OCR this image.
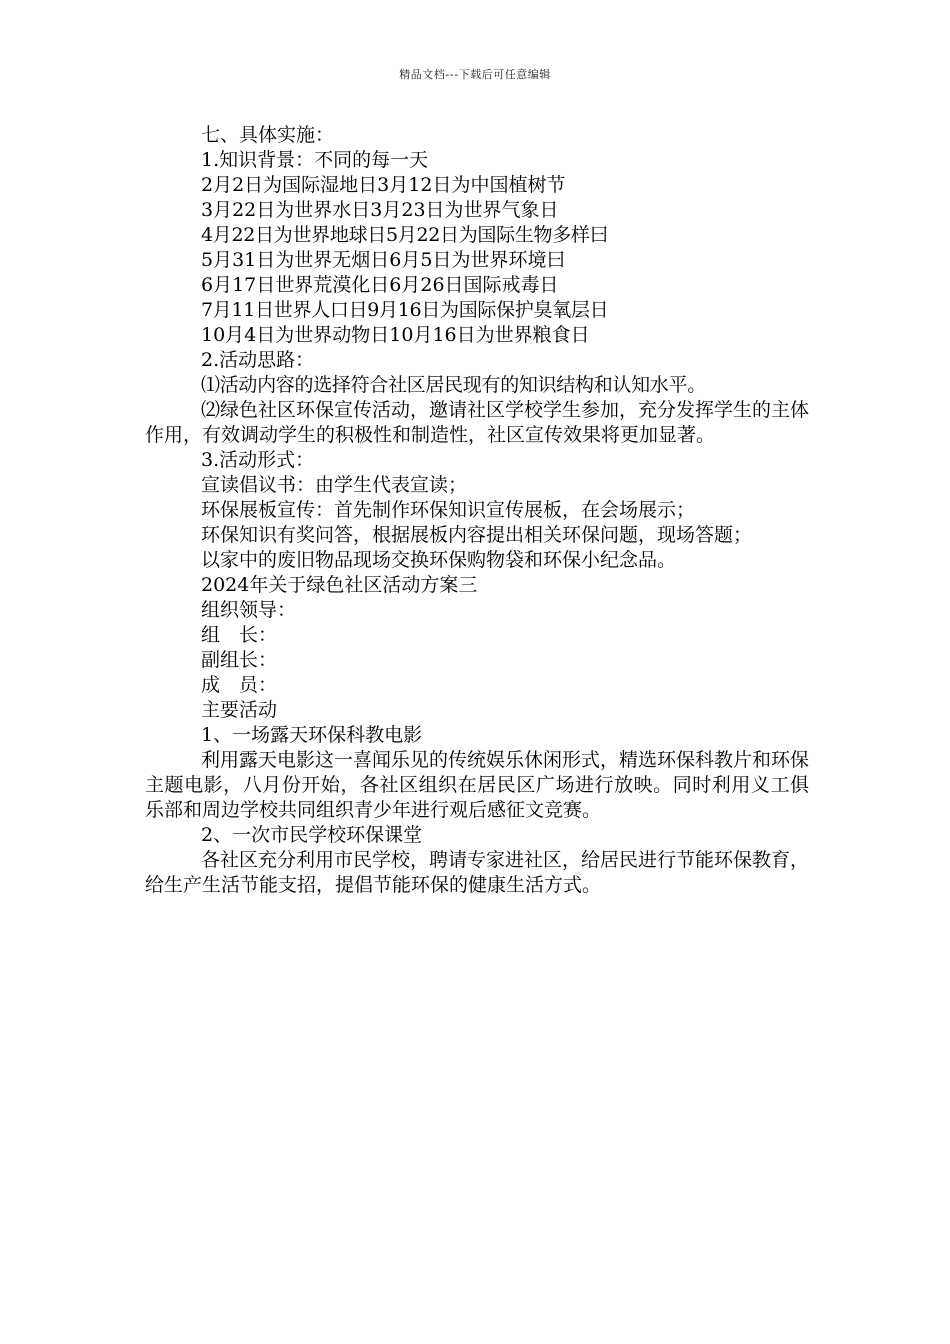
精品文档---下载后可任意编辑

七、具体实施：

1.知识背景：不同的每一天

2月2日为国际湿地日3月12日为中国植树节

3月22日为世界水日3月23日为世界气象日

4月22日为世界地球日5月22日为国际生物多样曰

5月31日为世界无烟日6月5日为世界环境曰

6月17日世界荒漠化日6月26日国际戒毒日

7月11日世界人口日9月16日为国际保护臭氧层日

10月4日为世界动物日10月16日为世界粮食日

2.活动思路：

⑴活动内容的选择符合社区居民现有的知识结构和认知水平。

⑵绿色社区环保宣传活动，邀请社区学校学生参加，充分发挥学生的主体作用，有效调动学生的积极性和制造性，社区宣传效果将更加显著。

3.活动形式：

宣读倡议书：由学生代表宣读；

环保展板宣传：首先制作环保知识宣传展板，在会场展示；

环保知识有奖问答，根据展板内容提出相关环保问题，现场答题；

以家中的废旧物品现场交换环保购物袋和环保小纪念品。

2024年关于绿色社区活动方案三

组织领导：

组　长：

副组长：

成　员：

主要活动

1、一场露天环保科教电影

利用露天电影这一喜闻乐见的传统娱乐休闲形式，精选环保科教片和环保主题电影，八月份开始，各社区组织在居民区广场进行放映。同时利用义工俱乐部和周边学校共同组织青少年进行观后感征文竞赛。

2、一次市民学校环保课堂

各社区充分利用市民学校，聘请专家进社区，给居民进行节能环保教育，给生产生活节能支招，提倡节能环保的健康生活方式。
